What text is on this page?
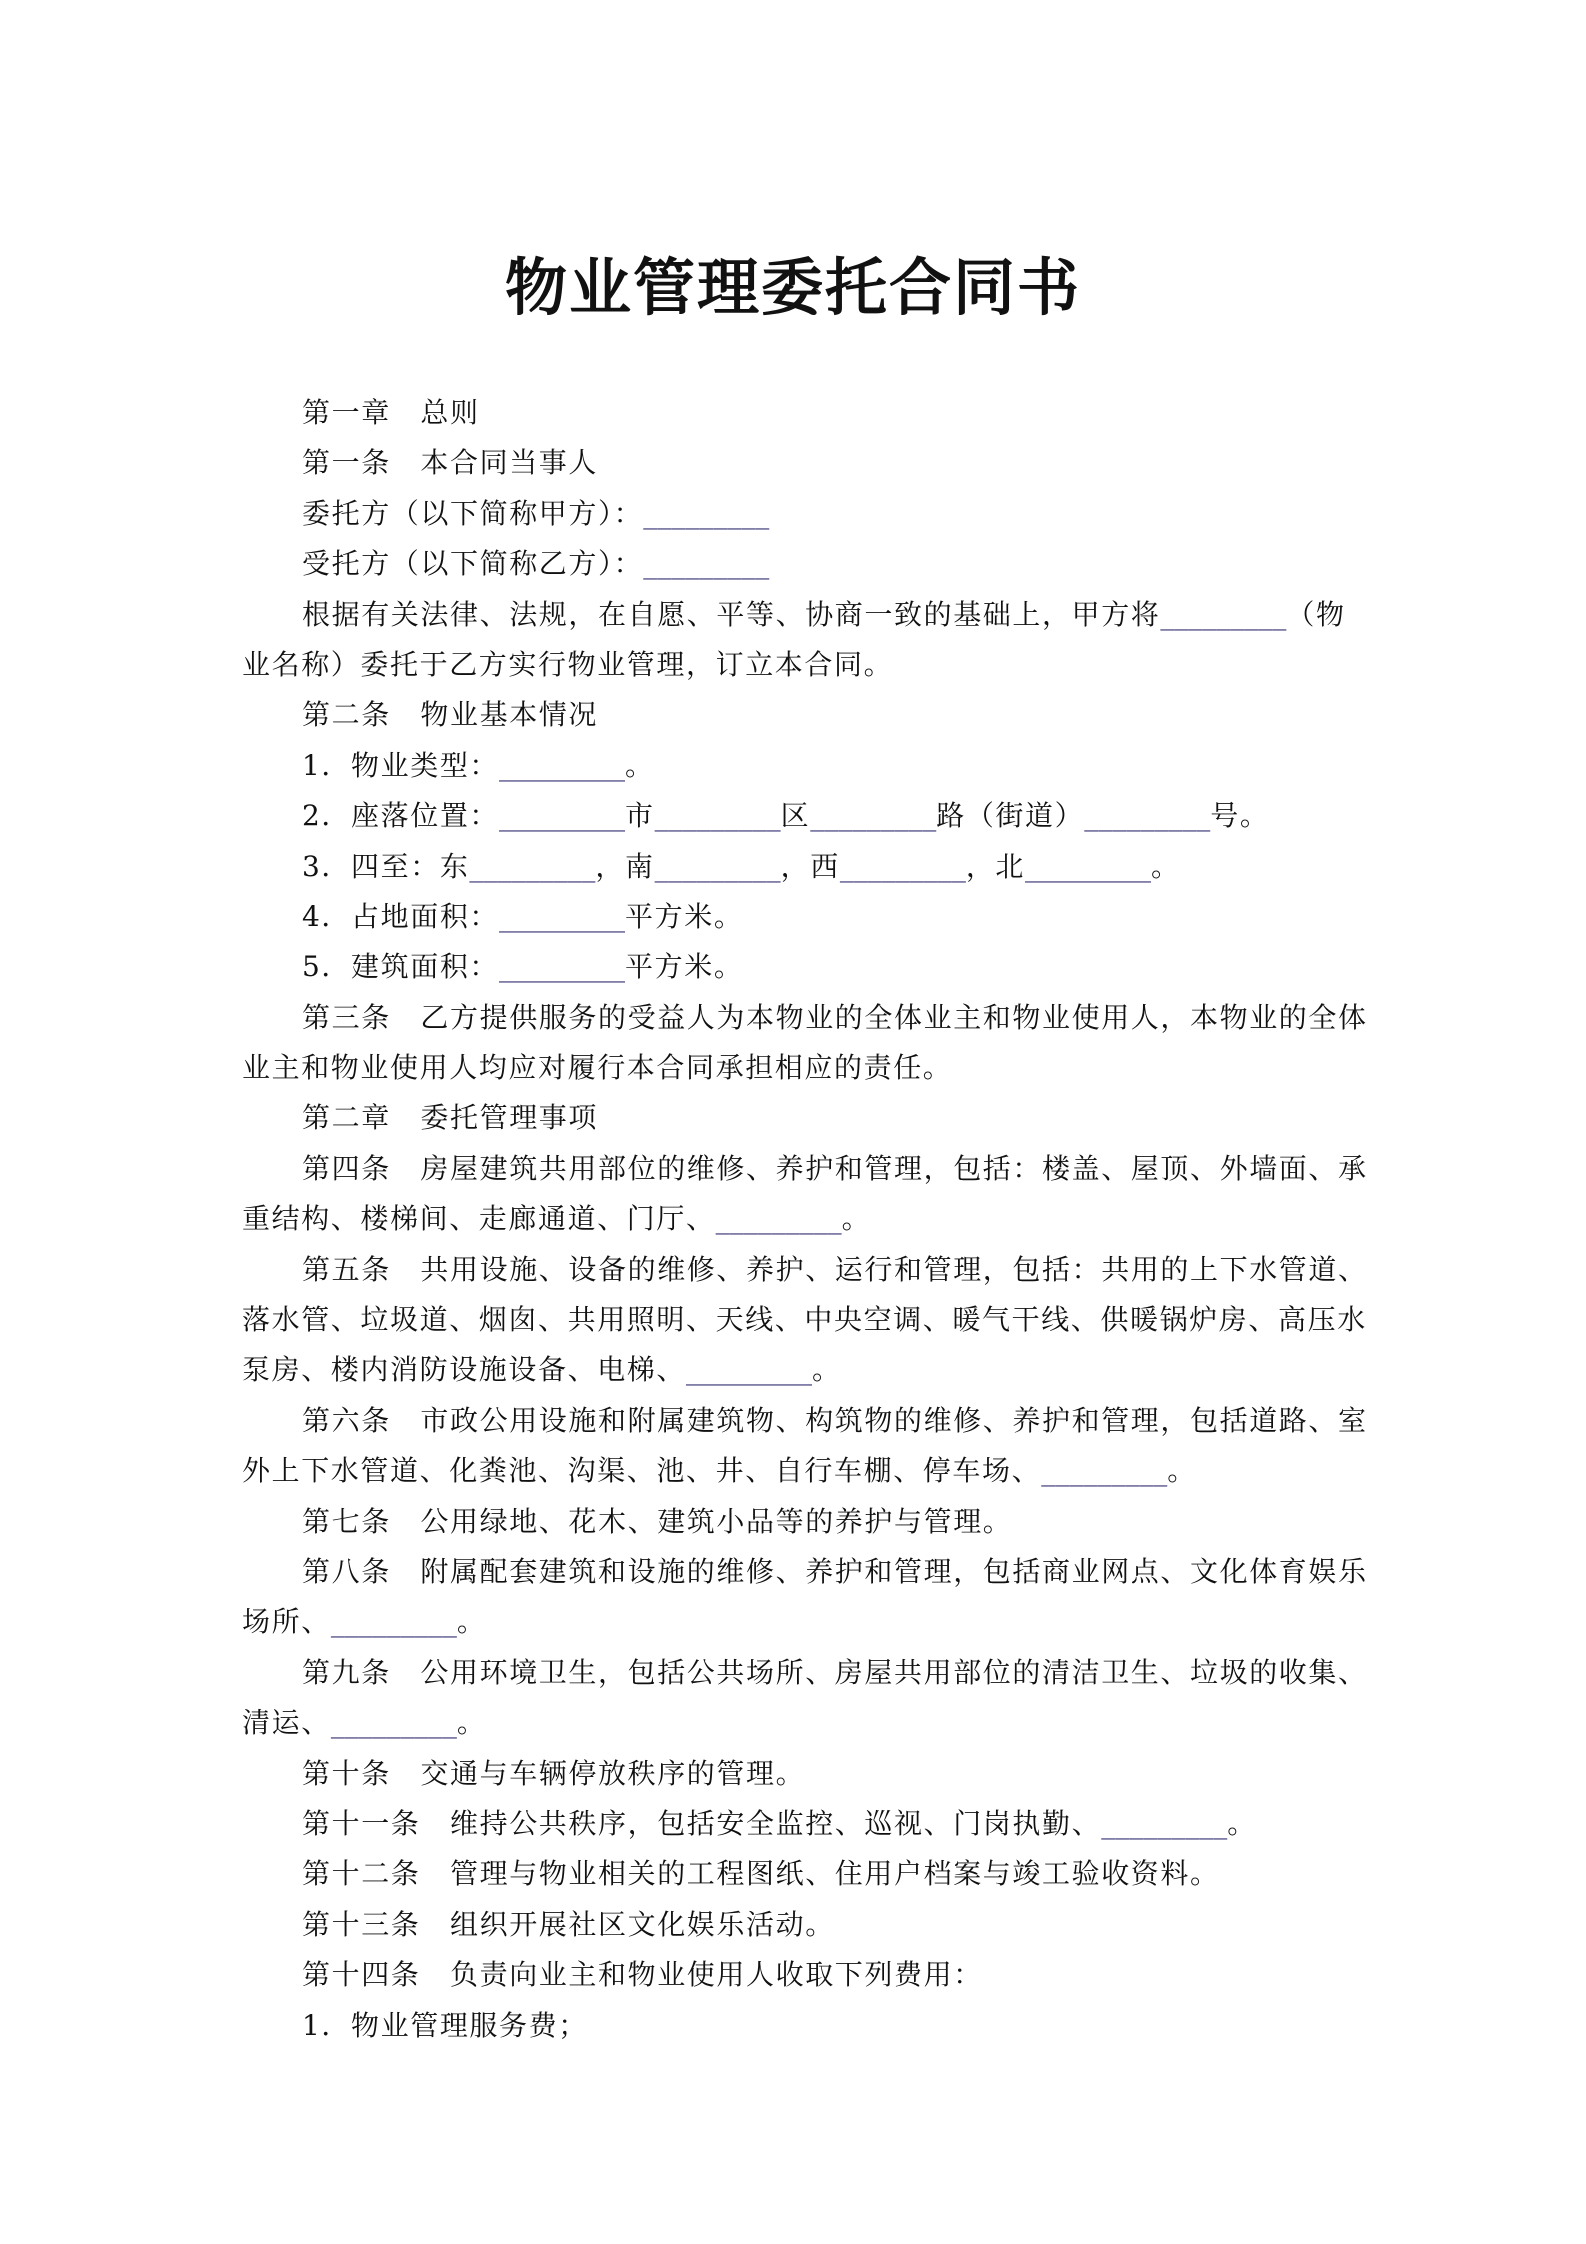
物业管理委托合同书
第一章　总则
第一条　本合同当事人
委托方（以下简称甲方）：_________
受托方（以下简称乙方）：_________
根据有关法律、法规，在自愿、平等、协商一致的基础上，甲方将_________（物
业名称）委托于乙方实行物业管理，订立本合同。
第二条　物业基本情况
1．物业类型：_________。
2．座落位置：_________市_________区_________路（街道）_________号。
3．四至：东_________，南_________，西_________，北_________。
4．占地面积：_________平方米。
5．建筑面积：_________平方米。
第三条　乙方提供服务的受益人为本物业的全体业主和物业使用人，本物业的全体
业主和物业使用人均应对履行本合同承担相应的责任。
第二章　委托管理事项
第四条　房屋建筑共用部位的维修、养护和管理，包括：楼盖、屋顶、外墙面、承
重结构、楼梯间、走廊通道、门厅、_________。
第五条　共用设施、设备的维修、养护、运行和管理，包括：共用的上下水管道、
落水管、垃圾道、烟囱、共用照明、天线、中央空调、暖气干线、供暖锅炉房、高压水
泵房、楼内消防设施设备、电梯、_________。
第六条　市政公用设施和附属建筑物、构筑物的维修、养护和管理，包括道路、室
外上下水管道、化粪池、沟渠、池、井、自行车棚、停车场、_________。
第七条　公用绿地、花木、建筑小品等的养护与管理。
第八条　附属配套建筑和设施的维修、养护和管理，包括商业网点、文化体育娱乐
场所、_________。
第九条　公用环境卫生，包括公共场所、房屋共用部位的清洁卫生、垃圾的收集、
清运、_________。
第十条　交通与车辆停放秩序的管理。
第十一条　维持公共秩序，包括安全监控、巡视、门岗执勤、_________。
第十二条　管理与物业相关的工程图纸、住用户档案与竣工验收资料。
第十三条　组织开展社区文化娱乐活动。
第十四条　负责向业主和物业使用人收取下列费用：
1．物业管理服务费；
